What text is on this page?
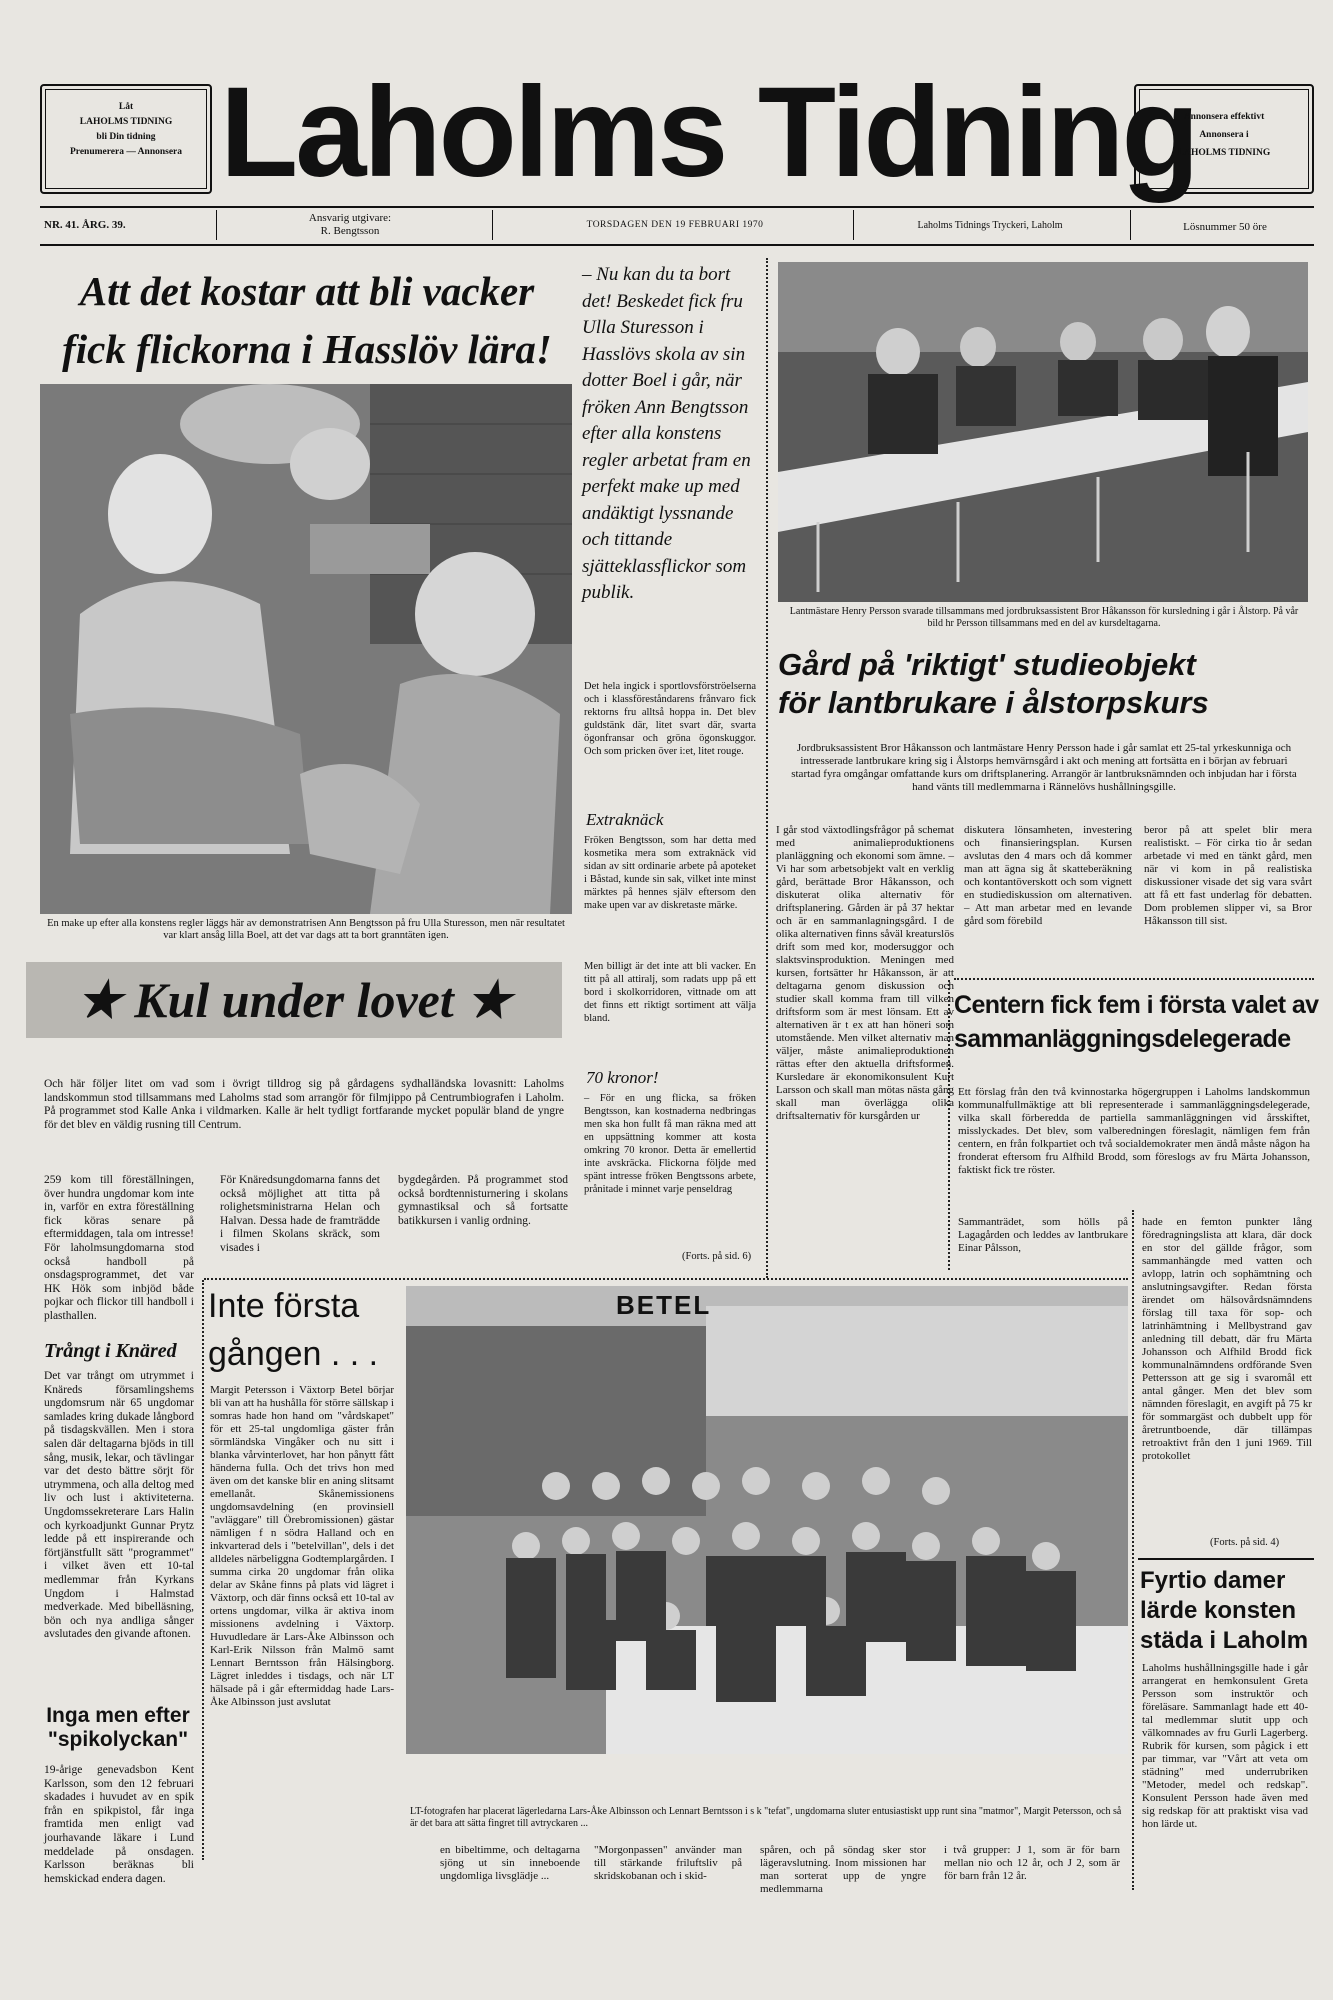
Låt
LAHOLMS TIDNING
bli Din tidning
Prenumerera — Annonsera Laholms Tidning
Annonsera effektivt
Annonsera i
LAHOLMS TIDNING
NR. 41. ÅRG. 39.
Ansvarig utgivare:
R. Bengtsson	TORSDAGEN DEN 19 FEBRUARI 1970	Laholms Tidnings Tryckeri, Laholm	Lösnummer 50 öre
Att det kostar att bli vacker
fick flickorna i Hasslöv lära!
En make up efter alla konstens regler läggs här av demonstratrisen Ann Bengtsson på fru Ulla Sturesson, men när resultatet var klart ansåg lilla Boel, att det var dags att ta bort granntäten igen.
– Nu kan du ta bort det! Beskedet fick fru Ulla Sturesson i Hasslövs skola av sin dotter Boel i går, när fröken Ann Bengtsson efter alla konstens regler arbetat fram en perfekt make up med andäktigt lyssnande och tittande sjätteklassflickor som publik.
Det hela ingick i sportlovsförströelserna och i klassföreståndarens frånvaro fick rektorns fru alltså hoppa in. Det blev guldstänk där, litet svart där, svarta ögonfransar och gröna ögonskuggor. Och som pricken över i:et, litet rouge.
Extraknäck
Fröken Bengtsson, som har detta med kosmetika mera som extraknäck vid sidan av sitt ordinarie arbete på apoteket i Båstad, kunde sin sak, vilket inte minst märktes på hennes själv eftersom den make upen var av diskretaste märke.
Men billigt är det inte att bli vacker. En titt på all attiralj, som radats upp på ett bord i skolkorridoren, vittnade om att det finns ett riktigt sortiment att välja bland.
70 kronor!
– För en ung flicka, sa fröken Bengtsson, kan kostnaderna nedbringas men ska hon fullt få man räkna med att en uppsättning kommer att kosta omkring 70 kronor. Detta är emellertid inte avskräcka. Flickorna följde med spänt intresse fröken Bengtssons arbete, prånitade i minnet varje penseldrag
(Forts. på sid. 6)
★ Kul under lovet ★
Och här följer litet om vad som i övrigt tilldrog sig på gårdagens sydhalländska lovasnitt: Laholms landskommun stod tillsammans med Laholms stad som arrangör för filmjippo på Centrumbiografen i Laholm. På programmet stod Kalle Anka i vildmarken. Kalle är helt tydligt fortfarande mycket populär bland de yngre för det blev en väldig rusning till Centrum.
259 kom till föreställningen, över hundra ungdomar kom inte in, varför en extra föreställning fick köras senare på eftermiddagen, tala om intresse! För laholmsungdomarna stod också handboll på onsdagsprogrammet, det var HK Hök som inbjöd både pojkar och flickor till handboll i plasthallen.
För Knäredsungdomarna fanns det också möjlighet att titta på rolighetsministrarna Helan och Halvan. Dessa hade de framträdde i filmen Skolans skräck, som visades i
bygdegården. På programmet stod också bordtennisturnering i skolans gymnastiksal och så fortsatte batikkursen i vanlig ordning.
Trångt i Knäred
Det var trångt om utrymmet i Knäreds församlingshems ungdomsrum när 65 ungdomar samlades kring dukade långbord på tisdagskvällen. Men i stora salen där deltagarna bjöds in till sång, musik, lekar, och tävlingar var det desto bättre sörjt för utrymmena, och alla deltog med liv och lust i aktiviteterna. Ungdomssekreterare Lars Halin och kyrkoadjunkt Gunnar Prytz ledde på ett inspirerande och förtjänstfullt sätt "programmet" i vilket även ett 10-tal medlemmar från Kyrkans Ungdom i Halmstad medverkade. Med bibelläsning, bön och nya andliga sånger avslutades den givande aftonen.
Inga men efter
"spikolyckan"
19-årige genevadsbon Kent Karlsson, som den 12 februari skadades i huvudet av en spik från en spikpistol, får inga framtida men enligt vad jourhavande läkare i Lund meddelade på onsdagen. Karlsson beräknas bli hemskickad endera dagen.
Lantmästare Henry Persson svarade tillsammans med jordbruksassistent Bror Håkansson för kursledning i går i Ålstorp. På vår bild hr Persson tillsammans med en del av kursdeltagarna.
Gård på 'riktigt' studieobjekt
för lantbrukare i ålstorpskurs
Jordbruksassistent Bror Håkansson och lantmästare Henry Persson hade i går samlat ett 25-tal yrkeskunniga och intresserade lantbrukare kring sig i Ålstorps hemvärnsgård i akt och mening att fortsätta en i början av februari startad fyra omgångar omfattande kurs om driftsplanering. Arrangör är lantbruksnämnden och inbjudan har i första hand vänts till medlemmarna i Rännelövs hushållningsgille.
I går stod växtodlingsfrågor på schemat med animalieproduktionens planläggning och ekonomi som ämne. – Vi har som arbetsobjekt valt en verklig gård, berättade Bror Håkansson, och diskuterat olika alternativ för driftsplanering. Gården är på 37 hektar och är en sammanlagningsgård. I de olika alternativen finns såväl kreaturslös drift som med kor, modersuggor och slaktsvinsproduktion. Meningen med kursen, fortsätter hr Håkansson, är att deltagarna genom diskussion och studier skall komma fram till vilken driftsform som är mest lönsam. Ett av alternativen är t ex att han höneri som utomstående. Men vilket alternativ man väljer, måste animalieproduktionen rättas efter den aktuella driftsformen. Kursledare är ekonomikonsulent Kurt Larsson och skall man mötas nästa gång skall man överlägga olika driftsalternativ för kursgården ur
diskutera lönsamheten, investering och finansieringsplan. Kursen avslutas den 4 mars och då kommer man att ägna sig åt skatteberäkning och kontantöverskott och som vignett en studiediskussion om alternativen. – Att man arbetar med en levande gård som förebild
beror på att spelet blir mera realistiskt. – För cirka tio år sedan arbetade vi med en tänkt gård, men när vi kom in på realistiska diskussioner visade det sig vara svårt att få ett fast underlag för debatten. Dom problemen slipper vi, sa Bror Håkansson till sist.
Centern fick fem i första valet av
sammanläggningsdelegerade
Ett förslag från den två kvinnostarka högergruppen i Laholms landskommun kommunalfullmäktige att bli representerade i sammanläggningsdelegerade, vilka skall förberedda de partiella sammanläggningen vid årsskiftet, misslyckades. Det blev, som valberedningen föreslagit, nämligen fem från centern, en från folkpartiet och två socialdemokrater men ändå måste någon ha fronderat eftersom fru Alfhild Brodd, som föreslogs av fru Märta Johansson, faktiskt fick tre röster.
Sammanträdet, som hölls på Lagagården och leddes av lantbrukare Einar Pålsson,
hade en femton punkter lång föredragningslista att klara, där dock en stor del gällde frågor, som sammanhängde med vatten och avlopp, latrin och sophämtning och anslutningsavgifter. Redan första ärendet om hälsovårdsnämndens förslag till taxa för sop- och latrinhämtning i Mellbystrand gav anledning till debatt, där fru Märta Johansson och Alfhild Brodd fick kommunalnämndens ordförande Sven Pettersson att ge sig i svaromål ett antal gånger. Men det blev som nämnden föreslagit, en avgift på 75 kr för sommargäst och dubbelt upp för åretruntboende, där tillämpas retroaktivt från den 1 juni 1969. Till protokollet
(Forts. på sid. 4)
Inte första
gången . . .
Margit Petersson i Växtorp Betel börjar bli van att ha hushålla för större sällskap i somras hade hon hand om "vårdskapet" för ett 25-tal ungdomliga gäster från sörmländska Vingåker och nu sitt i blanka vårvinterlovet, har hon pånytt fått händerna fulla. Och det trivs hon med även om det kanske blir en aning slitsamt emellanåt. Skånemissionens ungdomsavdelning (en provinsiell "avläggare" till Örebromissionen) gästar nämligen f n södra Halland och en inkvarterad dels i "betelvillan", dels i det alldeles närbeliggna Godtemplargården. I summa cirka 20 ungdomar från olika delar av Skåne finns på plats vid lägret i Växtorp, och där finns också ett 10-tal av ortens ungdomar, vilka är aktiva inom missionens avdelning i Växtorp. Huvudledare är Lars-Åke Albinsson och Karl-Erik Nilsson från Malmö samt Lennart Berntsson från Hälsingborg. Lägret inleddes i tisdags, och när LT hälsade på i går eftermiddag hade Lars-Åke Albinsson just avslutat
BETEL
LT-fotografen har placerat lägerledarna Lars-Åke Albinsson och Lennart Berntsson i s k "tefat", ungdomarna sluter entusiastiskt upp runt sina "matmor", Margit Petersson, och så är det bara att sätta fingret till avtryckaren ...
en bibeltimme, och deltagarna sjöng ut sin inneboende ungdomliga livsglädje ...
"Morgonpassen" använder man till stärkande friluftsliv på skridskobanan och i skid-
spåren, och på söndag sker stor lägeravslutning. Inom missionen har man sorterat upp de yngre medlemmarna
i två grupper: J 1, som är för barn mellan nio och 12 år, och J 2, som är för barn från 12 år.
Fyrtio damer
lärde konsten
städa i Laholm
Laholms hushållningsgille hade i går arrangerat en hemkonsulent Greta Persson som instruktör och föreläsare. Sammanlagt hade ett 40-tal medlemmar slutit upp och välkomnades av fru Gurli Lagerberg. Rubrik för kursen, som pågick i ett par timmar, var "Vårt att veta om städning" med underrubriken "Metoder, medel och redskap". Konsulent Persson hade även med sig redskap för att praktiskt visa vad hon lärde ut.
